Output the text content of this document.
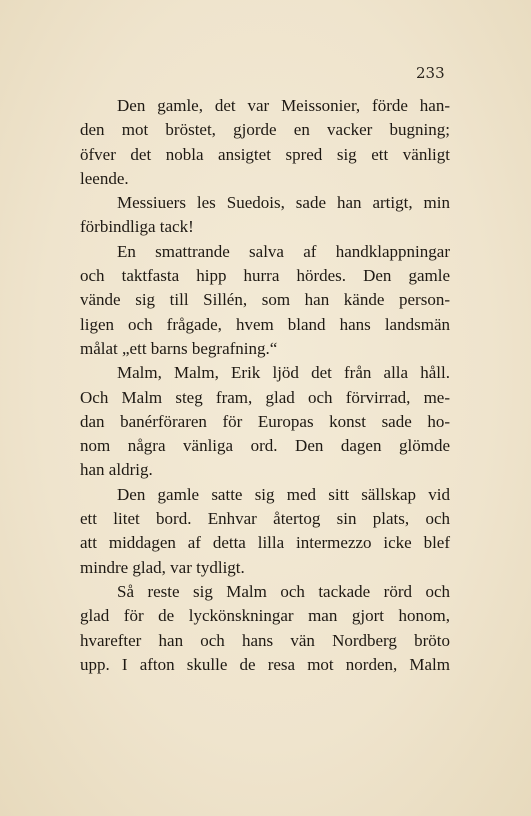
233
Den gamle, det var Meissonier, förde han-
den mot bröstet, gjorde en vacker bugning;
öfver det nobla ansigtet spred sig ett vänligt
leende.
Messiuers les Suedois, sade han artigt, min
förbindliga tack!
En smattrande salva af handklappningar
och taktfasta hipp hurra hördes. Den gamle
vände sig till Sillén, som han kände person-
ligen och frågade, hvem bland hans landsmän
målat „ett barns begrafning.“
Malm, Malm, Erik ljöd det från alla håll.
Och Malm steg fram, glad och förvirrad, me-
dan banérföraren för Europas konst sade ho-
nom några vänliga ord. Den dagen glömde
han aldrig.
Den gamle satte sig med sitt sällskap vid
ett litet bord. Enhvar återtog sin plats, och
att middagen af detta lilla intermezzo icke blef
mindre glad, var tydligt.
Så reste sig Malm och tackade rörd och
glad för de lyckönskningar man gjort honom,
hvarefter han och hans vän Nordberg bröto
upp. I afton skulle de resa mot norden, Malm
